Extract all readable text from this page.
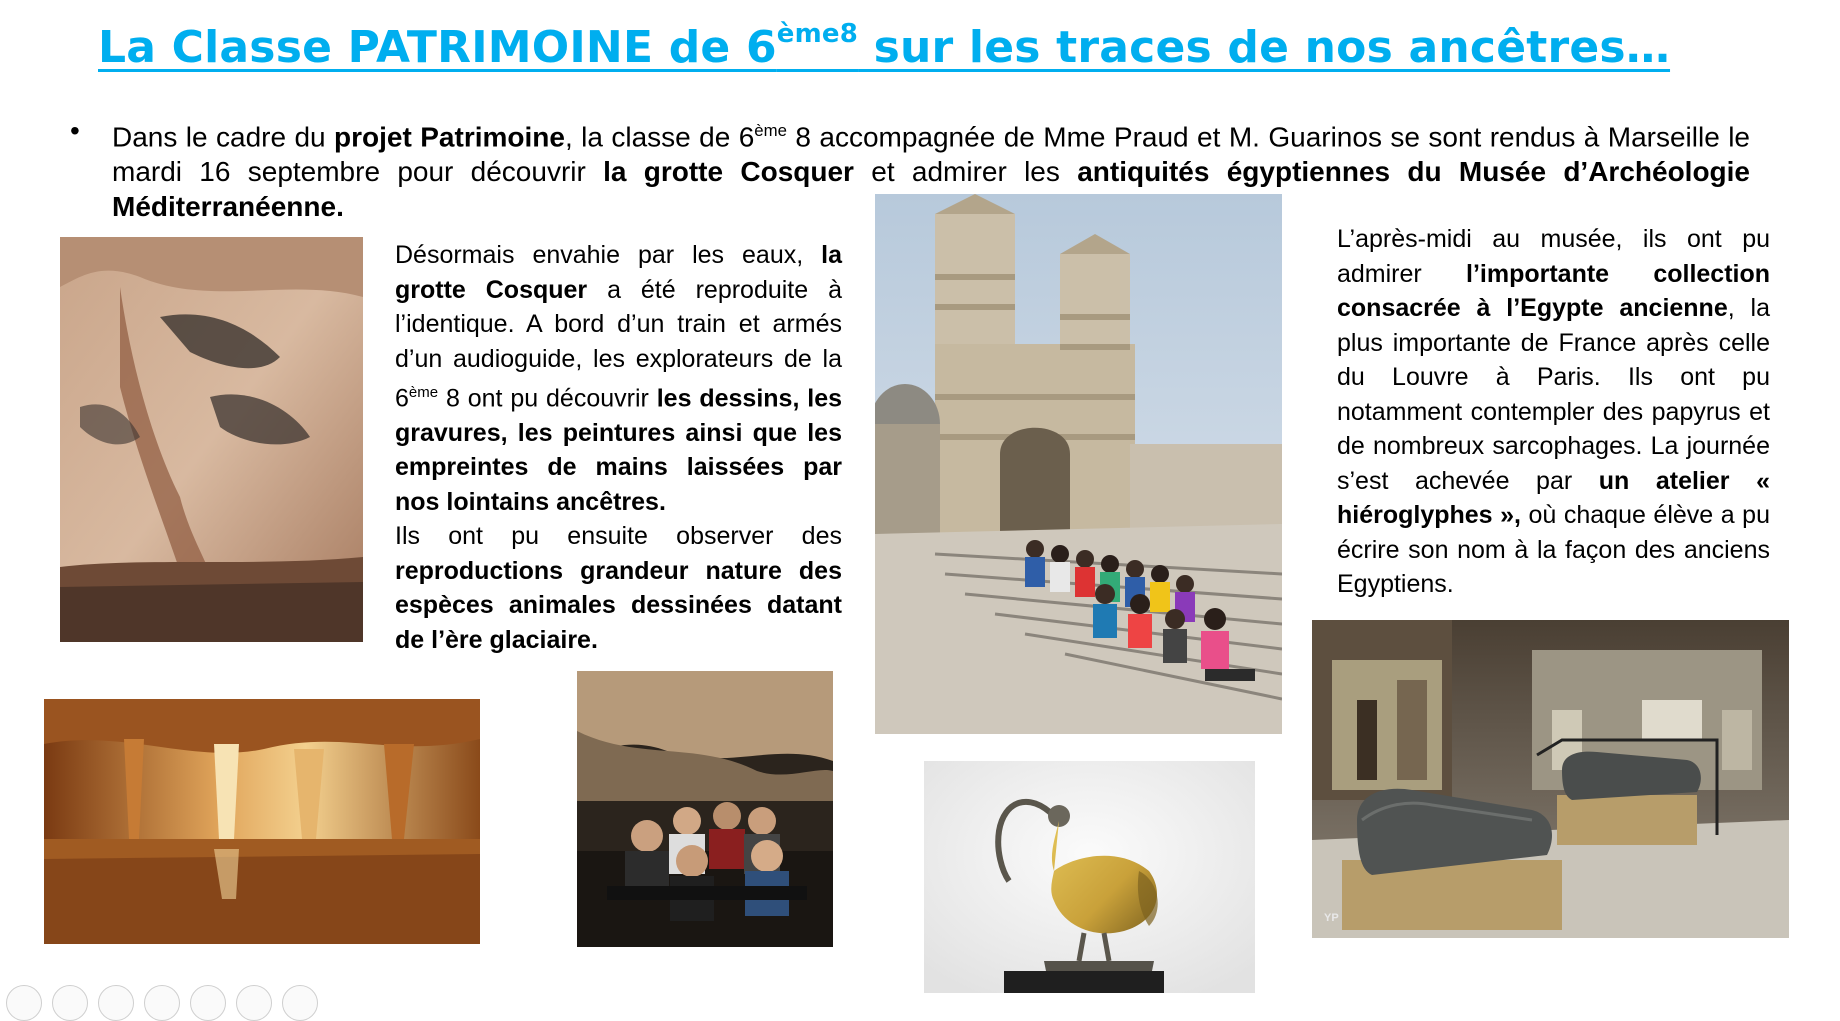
La Classe PATRIMOINE de $6^{ème8}$ sur les traces de nos ancêtres…
• Dans le cadre du projet Patrimoine, la classe de 6ème 8 accompagnée de Mme Praud et M. Guarinos se sont rendus à Marseille le mardi 16 septembre pour découvrir la grotte Cosquer et admirer les antiquités égyptiennes du Musée d’Archéologie Méditerranéenne.

Désormais envahie par les eaux, la grotte Cosquer a été reproduite à l’identique. A bord d’un train et armés d’un audioguide, les explorateurs de la 6ème 8 ont pu découvrir les dessins, les gravures, les peintures ainsi que les empreintes de mains laissées par nos lointains ancêtres.

Ils ont pu ensuite observer des reproductions grandeur nature des espèces animales dessinées datant de l’ère glaciaire.

L’après-midi au musée, ils ont pu admirer l’importante collection consacrée à l’Egypte ancienne, la plus importante de France après celle du Louvre à Paris. Ils ont pu notamment contempler des papyrus et de nombreux sarcophages. La journée s’est achevée par un atelier « hiéroglyphes », où chaque élève a pu écrire son nom à la façon des anciens Egyptiens.

YP
